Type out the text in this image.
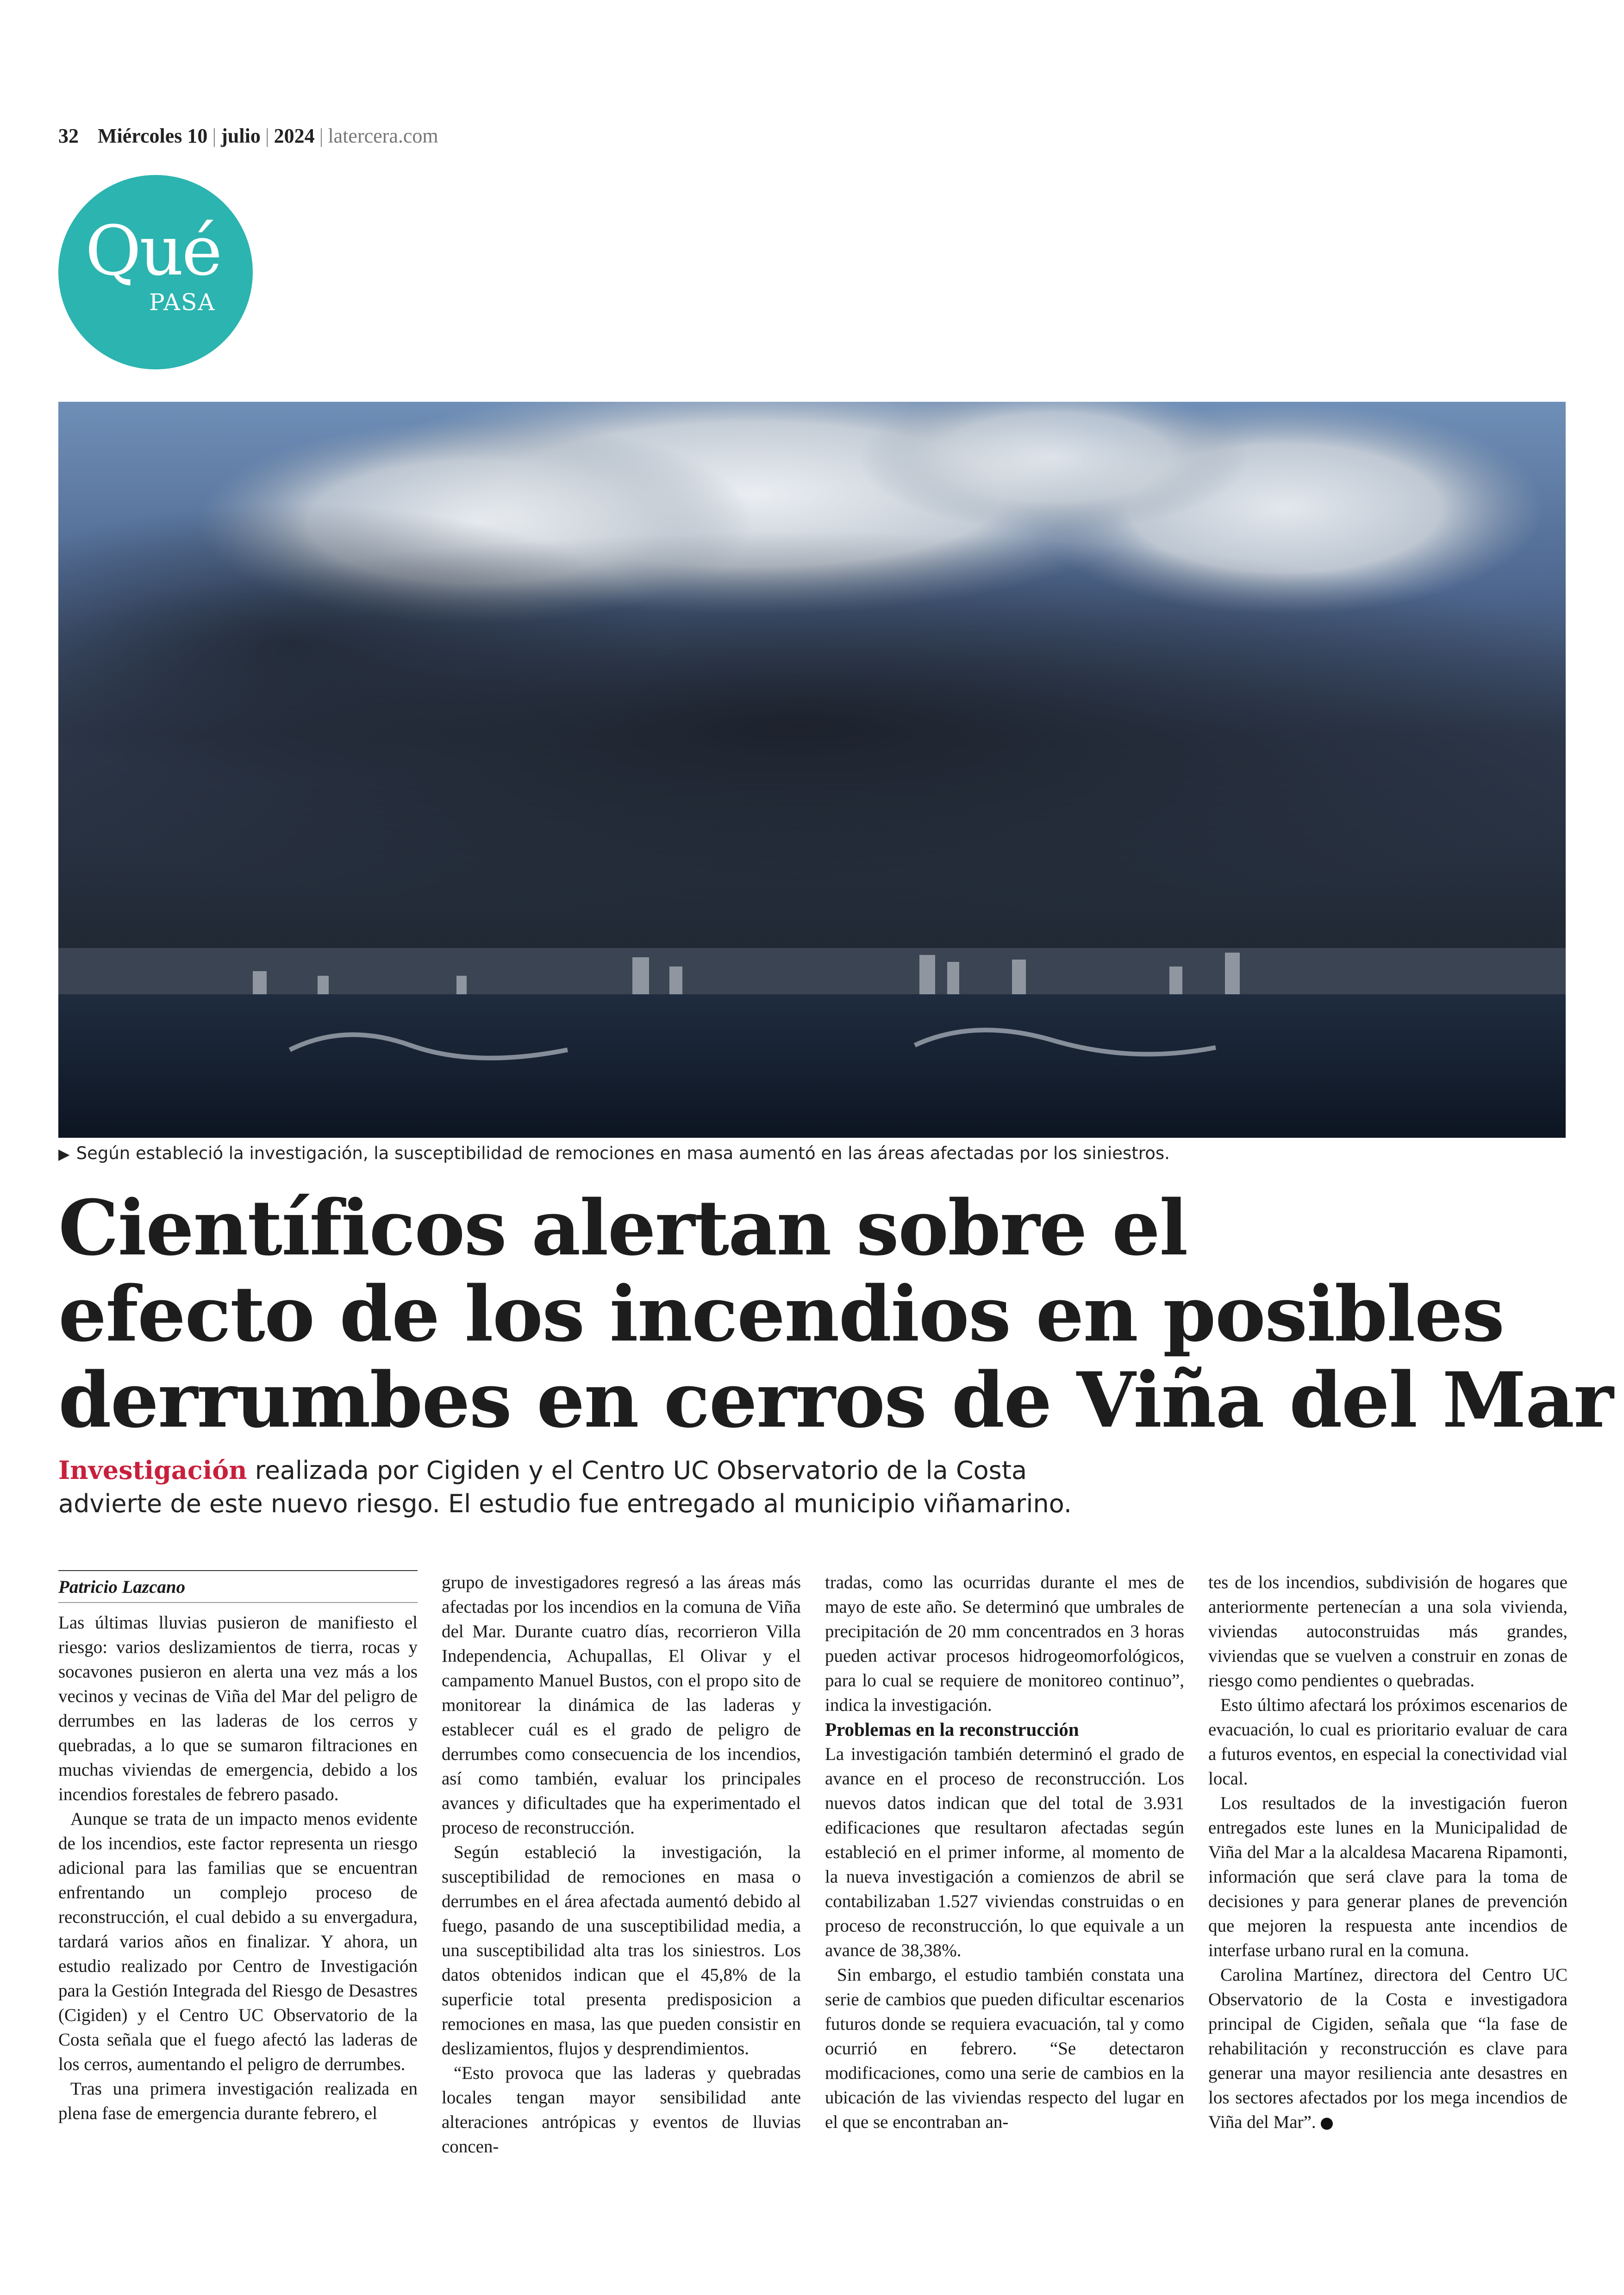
32 Miércoles 10 | julio | 2024 | latercera.com
Qué
PASA
▶ Según estableció la investigación, la susceptibilidad de remociones en masa aumentó en las áreas afectadas por los siniestros.
Científicos alertan sobre el
efecto de los incendios en posibles
derrumbes en cerros de Viña del Mar
Investigación realizada por Cigiden y el Centro UC Observatorio de la Costa
advierte de este nuevo riesgo. El estudio fue entregado al municipio viñamarino.
Patricio Lazcano

Las últimas lluvias pusieron de manifiesto el riesgo: varios deslizamientos de tierra, rocas y socavones pusieron en alerta una vez más a los vecinos y vecinas de Viña del Mar del peligro de derrumbes en las laderas de los cerros y quebradas, a lo que se sumaron filtraciones en muchas viviendas de emergencia, debido a los incendios forestales de febrero pasado.

Aunque se trata de un impacto menos evidente de los incendios, este factor representa un riesgo adicional para las familias que se encuentran enfrentando un complejo proceso de reconstrucción, el cual debido a su envergadura, tardará varios años en finalizar. Y ahora, un estudio realizado por Centro de Investigación para la Gestión Integrada del Riesgo de Desastres (Cigiden) y el Centro UC Observatorio de la Costa señala que el fuego afectó las laderas de los cerros, aumentando el peligro de derrumbes.

Tras una primera investigación realizada en plena fase de emergencia durante febrero, el

grupo de investigadores regresó a las áreas más afectadas por los incendios en la comuna de Viña del Mar. Durante cuatro días, recorrieron Villa Independencia, Achupallas, El Olivar y el campamento Manuel Bustos, con el propo sito de monitorear la dinámica de las laderas y establecer cuál es el grado de peligro de derrumbes como consecuencia de los incendios, así como también, evaluar los principales avances y dificultades que ha experimentado el proceso de reconstrucción.

Según estableció la investigación, la susceptibilidad de remociones en masa o derrumbes en el área afectada aumentó debido al fuego, pasando de una susceptibilidad media, a una susceptibilidad alta tras los siniestros. Los datos obtenidos indican que el 45,8% de la superficie total presenta predisposicion a remociones en masa, las que pueden consistir en deslizamientos, flujos y desprendimientos.

“Esto provoca que las laderas y quebradas locales tengan mayor sensibilidad ante alteraciones antrópicas y eventos de lluvias concen-

tradas, como las ocurridas durante el mes de mayo de este año. Se determinó que umbrales de precipitación de 20 mm concentrados en 3 horas pueden activar procesos hidrogeomorfológicos, para lo cual se requiere de monitoreo continuo”, indica la investigación.

Problemas en la reconstrucción

La investigación también determinó el grado de avance en el proceso de reconstrucción. Los nuevos datos indican que del total de 3.931 edificaciones que resultaron afectadas según estableció en el primer informe, al momento de la nueva investigación a comienzos de abril se contabilizaban 1.527 viviendas construidas o en proceso de reconstrucción, lo que equivale a un avance de 38,38%.

Sin embargo, el estudio también constata una serie de cambios que pueden dificultar escenarios futuros donde se requiera evacuación, tal y como ocurrió en febrero. “Se detectaron modificaciones, como una serie de cambios en la ubicación de las viviendas respecto del lugar en el que se encontraban an-

tes de los incendios, subdivisión de hogares que anteriormente pertenecían a una sola vivienda, viviendas autoconstruidas más grandes, viviendas que se vuelven a construir en zonas de riesgo como pendientes o quebradas.

Esto último afectará los próximos escenarios de evacuación, lo cual es prioritario evaluar de cara a futuros eventos, en especial la conectividad vial local.

Los resultados de la investigación fueron entregados este lunes en la Municipalidad de Viña del Mar a la alcaldesa Macarena Ripamonti, información que será clave para la toma de decisiones y para generar planes de prevención que mejoren la respuesta ante incendios de interfase urbano rural en la comuna.

Carolina Martínez, directora del Centro UC Observatorio de la Costa e investigadora principal de Cigiden, señala que “la fase de rehabilitación y reconstrucción es clave para generar una mayor resiliencia ante desastres en los sectores afectados por los mega incendios de Viña del Mar”.
